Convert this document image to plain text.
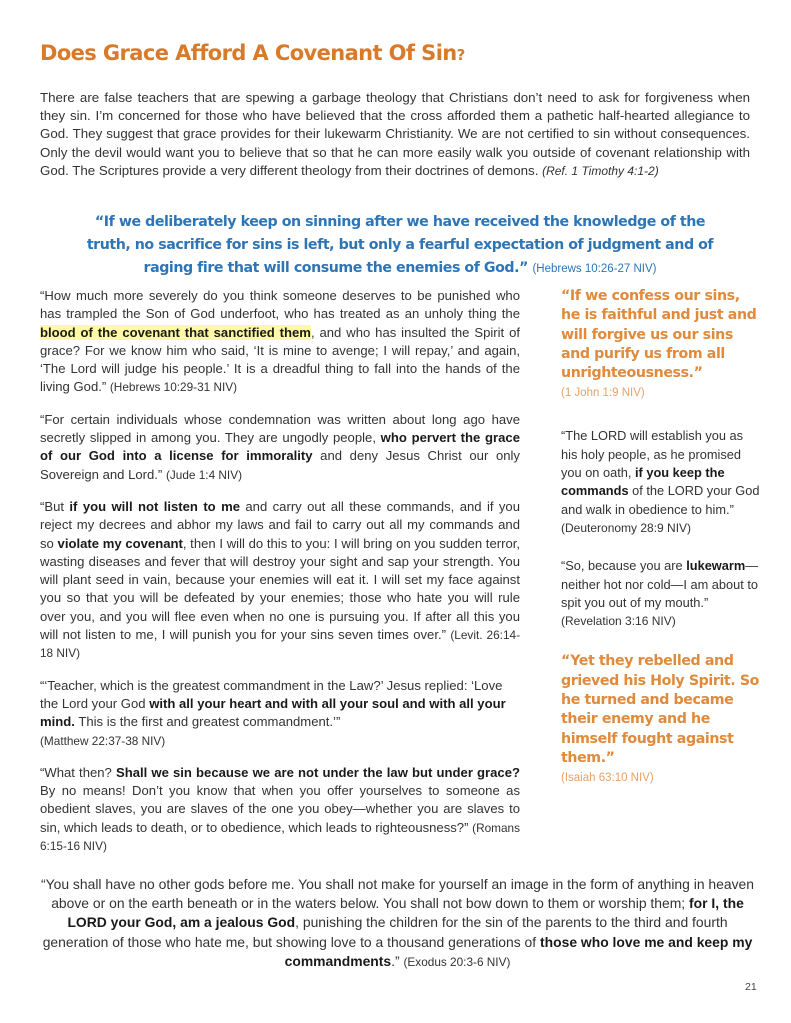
Does Grace Afford A Covenant Of Sin?
There are false teachers that are spewing a garbage theology that Christians don’t need to ask for forgiveness when they sin. I’m concerned for those who have believed that the cross afforded them a pathetic half-hearted allegiance to God. They suggest that grace provides for their lukewarm Christianity. We are not certified to sin without consequences. Only the devil would want you to believe that so that he can more easily walk you outside of covenant relationship with God. The Scriptures provide a very different theology from their doctrines of demons. (Ref. 1 Timothy 4:1-2)
“If we deliberately keep on sinning after we have received the knowledge of the truth, no sacrifice for sins is left, but only a fearful expectation of judgment and of raging fire that will consume the enemies of God.” (Hebrews 10:26-27 NIV)

“How much more severely do you think someone deserves to be punished who has trampled the Son of God underfoot, who has treated as an unholy thing the blood of the covenant that sanctified them, and who has insulted the Spirit of grace? For we know him who said, ‘It is mine to avenge; I will repay,’ and again, ‘The Lord will judge his people.’ It is a dreadful thing to fall into the hands of the living God.” (Hebrews 10:29-31 NIV)

“For certain individuals whose condemnation was written about long ago have secretly slipped in among you. They are ungodly people, who pervert the grace of our God into a license for immorality and deny Jesus Christ our only Sovereign and Lord.” (Jude 1:4 NIV)

“But if you will not listen to me and carry out all these commands, and if you reject my decrees and abhor my laws and fail to carry out all my commands and so violate my covenant, then I will do this to you: I will bring on you sudden terror, wasting diseases and fever that will destroy your sight and sap your strength. You will plant seed in vain, because your enemies will eat it. I will set my face against you so that you will be defeated by your enemies; those who hate you will rule over you, and you will flee even when no one is pursuing you. If after all this you will not listen to me, I will punish you for your sins seven times over.” (Levit. 26:14-18 NIV)

“‘Teacher, which is the greatest commandment in the Law?’ Jesus replied: ‘Love the Lord your God with all your heart and with all your soul and with all your mind. This is the first and greatest commandment.’”
(Matthew 22:37-38 NIV)

“What then? Shall we sin because we are not under the law but under grace? By no means! Don’t you know that when you offer yourselves to someone as obedient slaves, you are slaves of the one you obey—whether you are slaves to sin, which leads to death, or to obedience, which leads to righteousness?” (Romans 6:15-16 NIV)

“If we confess our sins, he is faithful and just and will forgive us our sins and purify us from all unrighteousness.”

(1 John 1:9 NIV)

“The LORD will establish you as his holy people, as he promised you on oath, if you keep the commands of the LORD your God and walk in obedience to him.”
(Deuteronomy 28:9 NIV)

“So, because you are lukewarm—neither hot nor cold—I am about to spit you out of my mouth.”
(Revelation 3:16 NIV)

“Yet they rebelled and grieved his Holy Spirit. So he turned and became their enemy and he himself fought against them.”

(Isaiah 63:10 NIV)

“You shall have no other gods before me. You shall not make for yourself an image in the form of anything in heaven above or on the earth beneath or in the waters below. You shall not bow down to them or worship them; for I, the LORD your God, am a jealous God, punishing the children for the sin of the parents to the third and fourth generation of those who hate me, but showing love to a thousand generations of those who love me and keep my commandments.” (Exodus 20:3-6 NIV)
21
